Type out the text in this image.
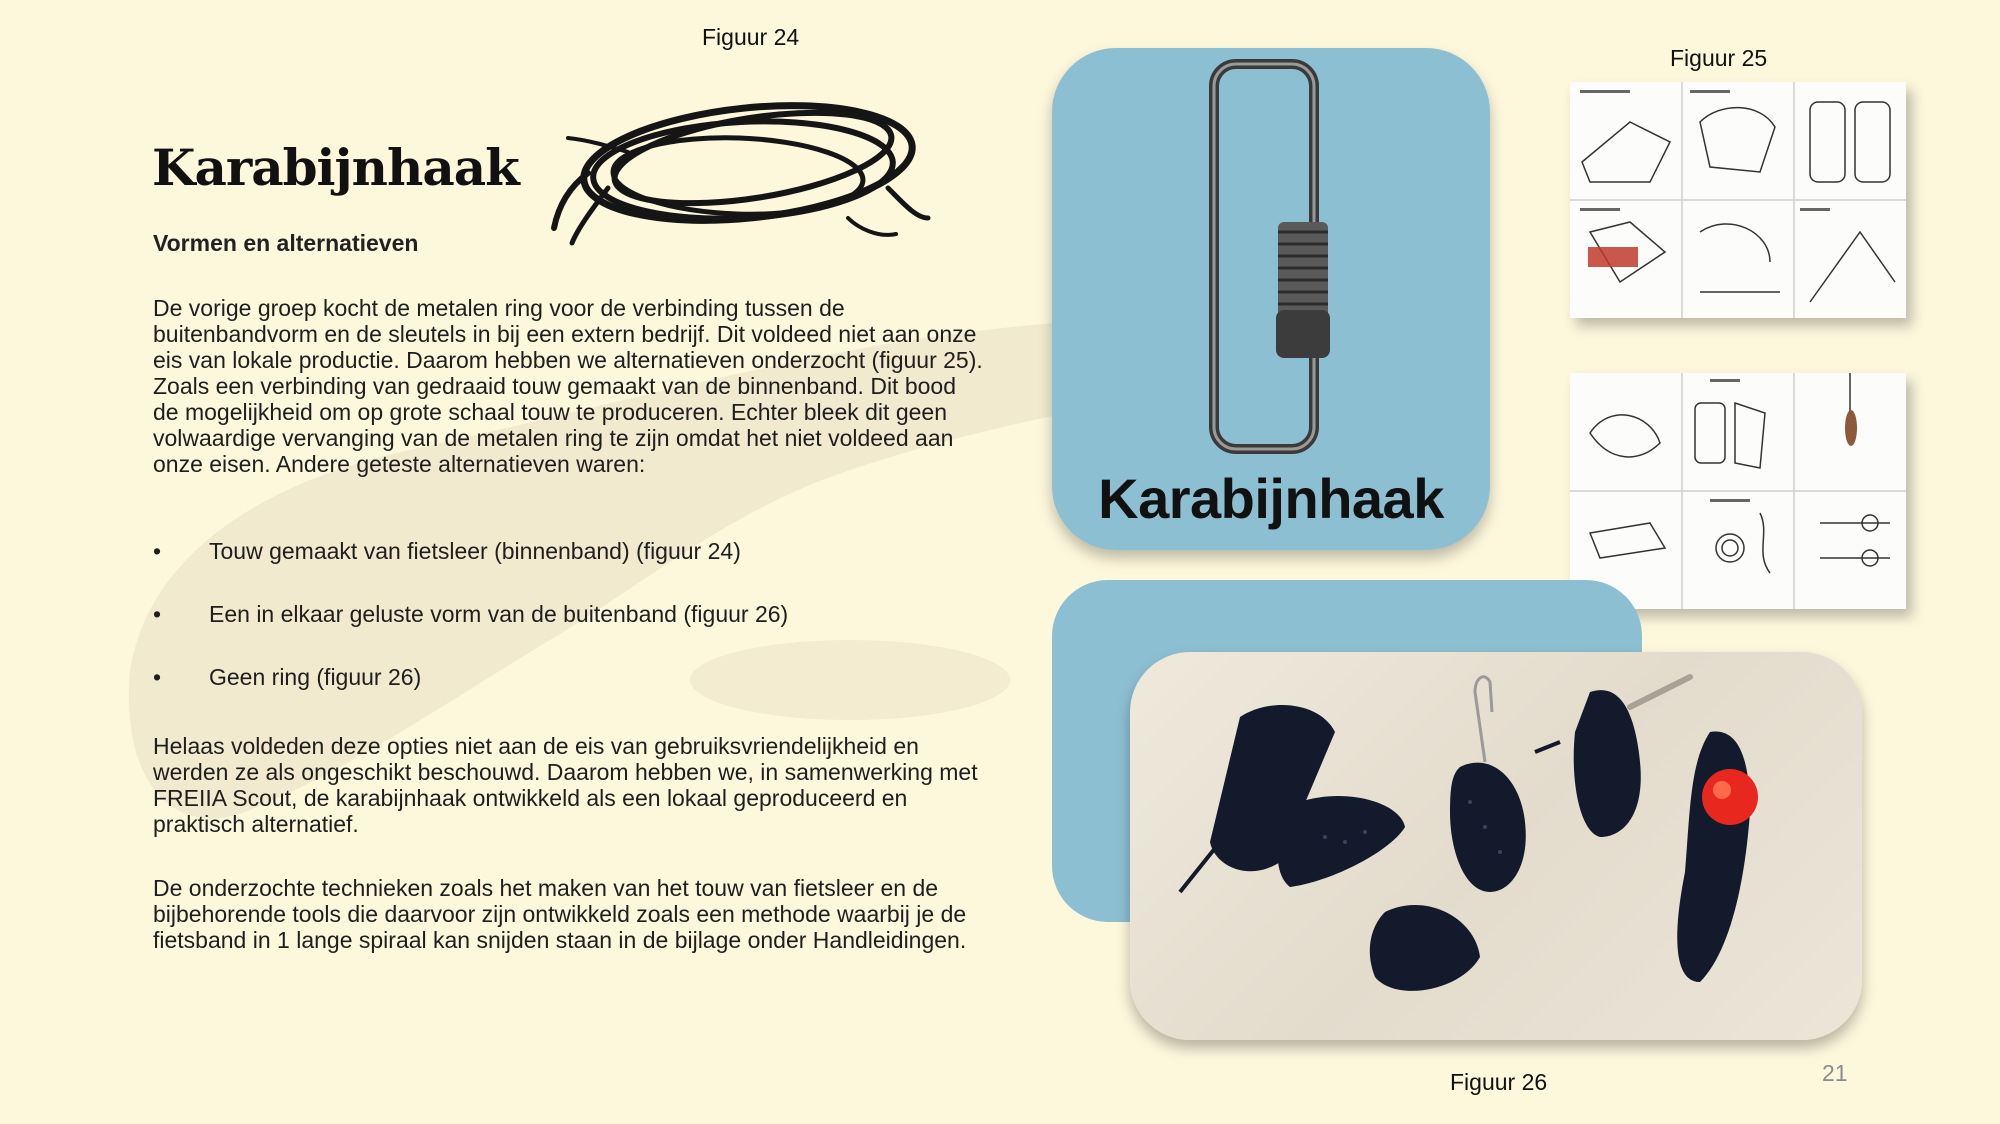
Figuur 24
Karabijnhaak
Vormen en alternatieven

De vorige groep kocht de metalen ring voor de verbinding tussen de buitenbandvorm en de sleutels in bij een extern bedrijf. Dit voldeed niet aan onze eis van lokale productie. Daarom hebben we alternatieven onderzocht (figuur 25). Zoals een verbinding van gedraaid touw gemaakt van de binnenband. Dit bood de mogelijkheid om op grote schaal touw te produceren. Echter bleek dit geen volwaardige vervanging van de metalen ring te zijn omdat het niet voldeed aan onze eisen. Andere geteste alternatieven waren:

• Touw gemaakt van fietsleer (binnenband) (figuur 24)
• Een in elkaar geluste vorm van de buitenband (figuur 26)
• Geen ring (figuur 26)

Helaas voldeden deze opties niet aan de eis van gebruiksvriendelijkheid en werden ze als ongeschikt beschouwd. Daarom hebben we, in samenwerking met FREIIA Scout, de karabijnhaak ontwikkeld als een lokaal geproduceerd en praktisch alternatief.

De onderzochte technieken zoals het maken van het touw van fietsleer en de bijbehorende tools die daarvoor zijn ontwikkeld zoals een methode waarbij je de fietsband in 1 lange spiraal kan snijden staan in de bijlage onder Handleidingen.

Karabijnhaak
Figuur 25
Figuur 26	21
